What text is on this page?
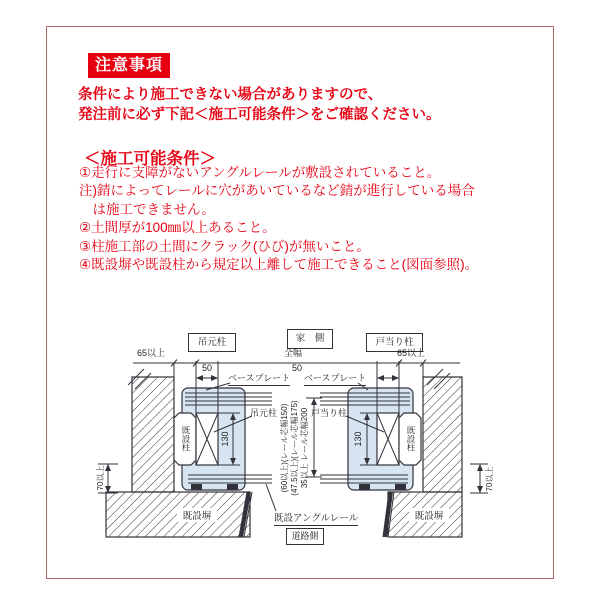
注意事項
条件により施工できない場合がありますので、
発注前に必ず下記＜施工可能条件＞をご確認ください。
＜施工可能条件＞
①走行に支障がないアングルレールが敷設されていること。
注)錆によってレールに穴があいているなど錆が進行している場合
　は施工できません。
②土間厚が100㎜以上あること。
③柱施工部の土間にクラック(ひび)が無いこと。
④既設塀や既設柱から規定以上離して施工できること(図面参照)。
吊元柱	家　側	戸当り柱
道路側
65以上	全幅	65以上
50	50
ベースプレート ベースプレート
吊元柱	戸当り柱
130	130
既設柱	既設柱
70以上	70以上
(60以上)(レール芯幅150) (47.5以上)(レール芯幅175) 35以上 レール芯幅200
既設塀	既設塀
既設アングルレール
